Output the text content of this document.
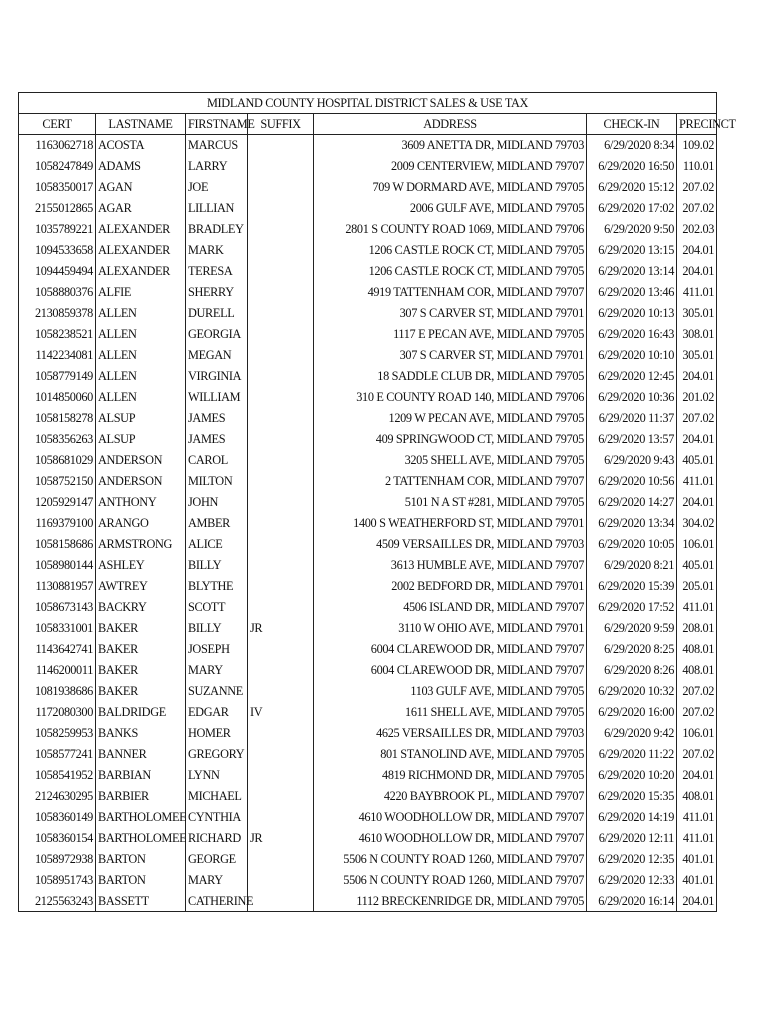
MIDLAND COUNTY HOSPITAL DISTRICT SALES & USE TAX						
CERT	LASTNAME	FIRSTNAME	SUFFIX	ADDRESS	CHECK-IN	PRECINCT
1163062718	ACOSTA	MARCUS		3609 ANETTA DR, MIDLAND 79703	6/29/2020 8:34	109.02
1058247849	ADAMS	LARRY		2009 CENTERVIEW, MIDLAND 79707	6/29/2020 16:50	110.01
1058350017	AGAN	JOE		709 W DORMARD AVE, MIDLAND 79705	6/29/2020 15:12	207.02
2155012865	AGAR	LILLIAN		2006 GULF AVE, MIDLAND 79705	6/29/2020 17:02	207.02
1035789221	ALEXANDER	BRADLEY		2801 S COUNTY ROAD 1069, MIDLAND 79706	6/29/2020 9:50	202.03
1094533658	ALEXANDER	MARK		1206 CASTLE ROCK CT, MIDLAND 79705	6/29/2020 13:15	204.01
1094459494	ALEXANDER	TERESA		1206 CASTLE ROCK CT, MIDLAND 79705	6/29/2020 13:14	204.01
1058880376	ALFIE	SHERRY		4919 TATTENHAM COR, MIDLAND 79707	6/29/2020 13:46	411.01
2130859378	ALLEN	DURELL		307 S CARVER ST, MIDLAND 79701	6/29/2020 10:13	305.01
1058238521	ALLEN	GEORGIA		1117 E PECAN AVE, MIDLAND 79705	6/29/2020 16:43	308.01
1142234081	ALLEN	MEGAN		307 S CARVER ST, MIDLAND 79701	6/29/2020 10:10	305.01
1058779149	ALLEN	VIRGINIA		18 SADDLE CLUB DR, MIDLAND 79705	6/29/2020 12:45	204.01
1014850060	ALLEN	WILLIAM		310 E COUNTY ROAD 140, MIDLAND 79706	6/29/2020 10:36	201.02
1058158278	ALSUP	JAMES		1209 W PECAN AVE, MIDLAND 79705	6/29/2020 11:37	207.02
1058356263	ALSUP	JAMES		409 SPRINGWOOD CT, MIDLAND 79705	6/29/2020 13:57	204.01
1058681029	ANDERSON	CAROL		3205 SHELL AVE, MIDLAND 79705	6/29/2020 9:43	405.01
1058752150	ANDERSON	MILTON		2 TATTENHAM COR, MIDLAND 79707	6/29/2020 10:56	411.01
1205929147	ANTHONY	JOHN		5101 N A ST #281, MIDLAND 79705	6/29/2020 14:27	204.01
1169379100	ARANGO	AMBER		1400 S WEATHERFORD ST, MIDLAND 79701	6/29/2020 13:34	304.02
1058158686	ARMSTRONG	ALICE		4509 VERSAILLES DR, MIDLAND 79703	6/29/2020 10:05	106.01
1058980144	ASHLEY	BILLY		3613 HUMBLE AVE, MIDLAND 79707	6/29/2020 8:21	405.01
1130881957	AWTREY	BLYTHE		2002 BEDFORD DR, MIDLAND 79701	6/29/2020 15:39	205.01
1058673143	BACKRY	SCOTT		4506 ISLAND DR, MIDLAND 79707	6/29/2020 17:52	411.01
1058331001	BAKER	BILLY	JR	3110 W OHIO AVE, MIDLAND 79701	6/29/2020 9:59	208.01
1143642741	BAKER	JOSEPH		6004 CLAREWOOD DR, MIDLAND 79707	6/29/2020 8:25	408.01
1146200011	BAKER	MARY		6004 CLAREWOOD DR, MIDLAND 79707	6/29/2020 8:26	408.01
1081938686	BAKER	SUZANNE		1103 GULF AVE, MIDLAND 79705	6/29/2020 10:32	207.02
1172080300	BALDRIDGE	EDGAR	IV	1611 SHELL AVE, MIDLAND 79705	6/29/2020 16:00	207.02
1058259953	BANKS	HOMER		4625 VERSAILLES DR, MIDLAND 79703	6/29/2020 9:42	106.01
1058577241	BANNER	GREGORY		801 STANOLIND AVE, MIDLAND 79705	6/29/2020 11:22	207.02
1058541952	BARBIAN	LYNN		4819 RICHMOND DR, MIDLAND 79705	6/29/2020 10:20	204.01
2124630295	BARBIER	MICHAEL		4220 BAYBROOK PL, MIDLAND 79707	6/29/2020 15:35	408.01
1058360149	BARTHOLOMEE	CYNTHIA		4610 WOODHOLLOW DR, MIDLAND 79707	6/29/2020 14:19	411.01
1058360154	BARTHOLOMEE	RICHARD	JR	4610 WOODHOLLOW DR, MIDLAND 79707	6/29/2020 12:11	411.01
1058972938	BARTON	GEORGE		5506 N COUNTY ROAD 1260, MIDLAND 79707	6/29/2020 12:35	401.01
1058951743	BARTON	MARY		5506 N COUNTY ROAD 1260, MIDLAND 79707	6/29/2020 12:33	401.01
2125563243	BASSETT	CATHERINE		1112 BRECKENRIDGE DR, MIDLAND 79705	6/29/2020 16:14	204.01
